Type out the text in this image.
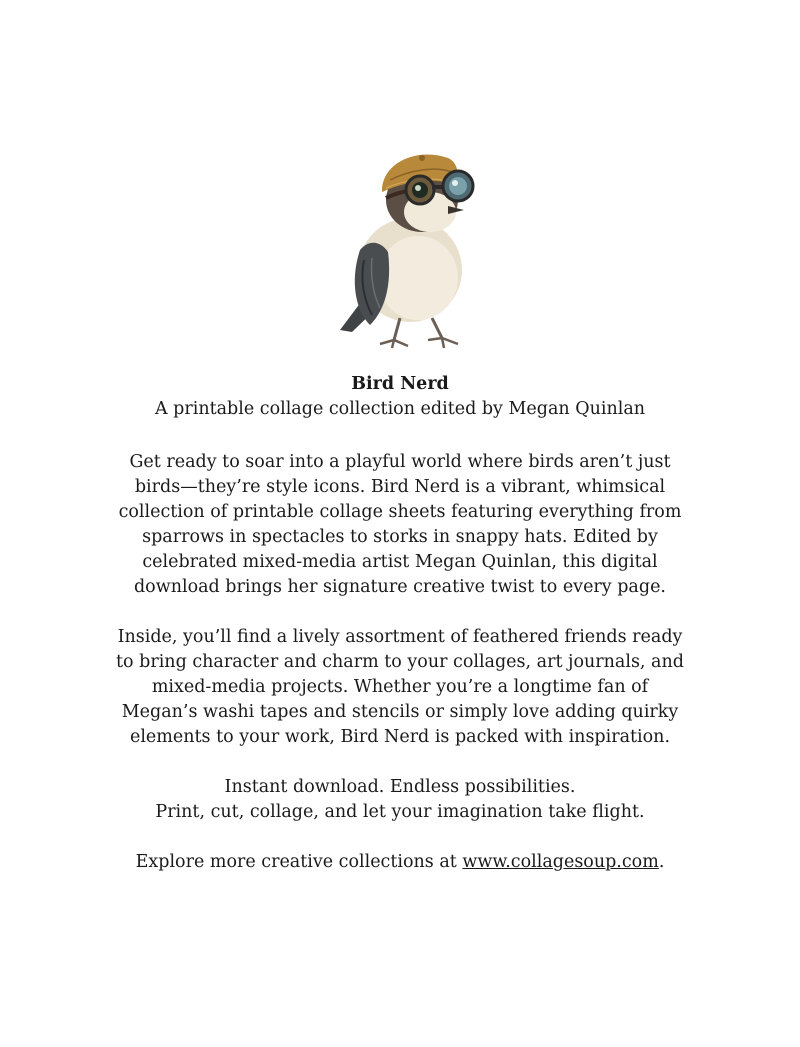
Bird Nerd
A printable collage collection edited by Megan Quinlan
Get ready to soar into a playful world where birds aren’t just
birds—they’re style icons. Bird Nerd is a vibrant, whimsical
collection of printable collage sheets featuring everything from
sparrows in spectacles to storks in snappy hats. Edited by
celebrated mixed-media artist Megan Quinlan, this digital
download brings her signature creative twist to every page.
Inside, you’ll find a lively assortment of feathered friends ready
to bring character and charm to your collages, art journals, and
mixed-media projects. Whether you’re a longtime fan of
Megan’s washi tapes and stencils or simply love adding quirky
elements to your work, Bird Nerd is packed with inspiration.
Instant download. Endless possibilities.
Print, cut, collage, and let your imagination take flight.
Explore more creative collections at www.collagesoup.com.
